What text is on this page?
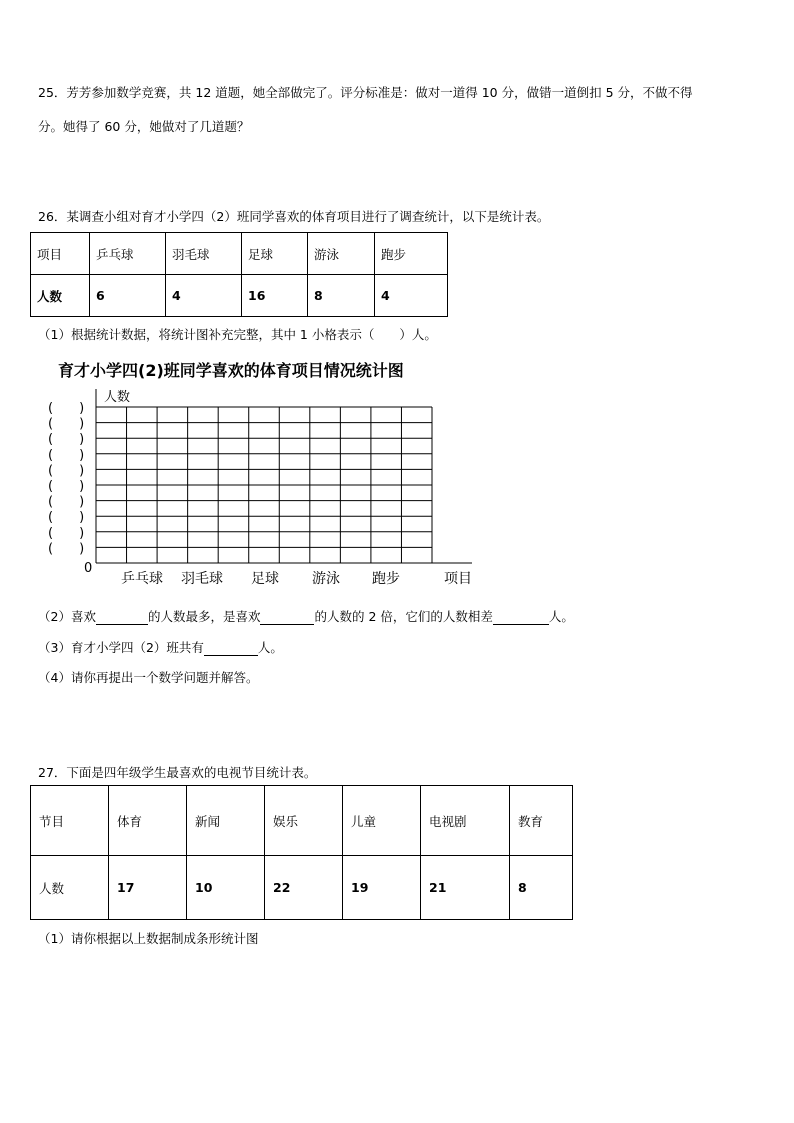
25．芳芳参加数学竞赛，共 12 道题，她全部做完了。评分标准是：做对一道得 10 分，做错一道倒扣 5 分，不做不得
分。她得了 60 分，她做对了几道题？
26．某调查小组对育才小学四（2）班同学喜欢的体育项目进行了调查统计，以下是统计表。
项目	乒乓球	羽毛球	足球	游泳	跑步
人数	6	4	16	8	4
（1）根据统计数据，将统计图补充完整，其中 1 小格表示（　　）人。
育才小学四(2)班同学喜欢的体育项目情况统计图
(　　)
(　　)
(　　)
(　　)
(　　)
(　　)
(　　)
(　　)
(　　)
(　　)
人数
0
乒乓球 羽毛球 足球 游泳 跑步	项目
（2）喜欢	的人数最多，是喜欢	的人数的 2 倍，它们的人数相差	人。
（3）育才小学四（2）班共有	人。
（4）请你再提出一个数学问题并解答。
27．下面是四年级学生最喜欢的电视节目统计表。
节目	体育	新闻	娱乐	儿童	电视剧	教育
人数	17	10	22	19	21	8
（1）请你根据以上数据制成条形统计图
